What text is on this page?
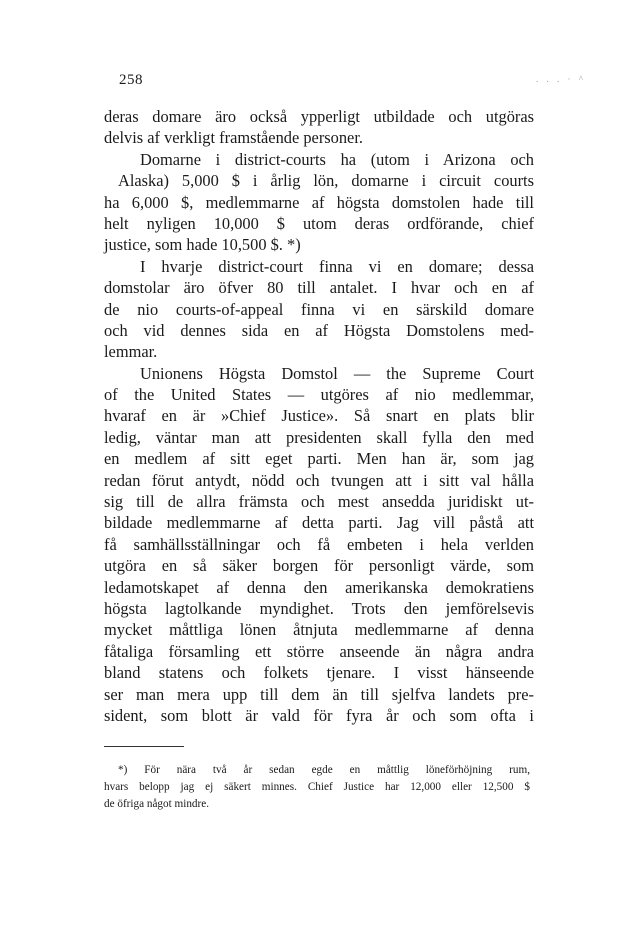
258	. . . · ^
deras domare äro också ypperligt utbildade och utgöras
delvis af verkligt framstående personer.
Domarne i district-courts ha (utom i Arizona och
Alaska) 5,000 $ i årlig lön, domarne i circuit courts
ha 6,000 $, medlemmarne af högsta domstolen hade till
helt nyligen 10,000 $ utom deras ordförande, chief
justice, som hade 10,500 $. *)
I hvarje district-court finna vi en domare; dessa
domstolar äro öfver 80 till antalet. I hvar och en af
de nio courts-of-appeal finna vi en särskild domare
och vid dennes sida en af Högsta Domstolens med-
lemmar.
Unionens Högsta Domstol — the Supreme Court
of the United States — utgöres af nio medlemmar,
hvaraf en är »Chief Justice». Så snart en plats blir
ledig, väntar man att presidenten skall fylla den med
en medlem af sitt eget parti. Men han är, som jag
redan förut antydt, nödd och tvungen att i sitt val hålla
sig till de allra främsta och mest ansedda juridiskt ut-
bildade medlemmarne af detta parti. Jag vill påstå att
få samhällsställningar och få embeten i hela verlden
utgöra en så säker borgen för personligt värde, som
ledamotskapet af denna den amerikanska demokratiens
högsta lagtolkande myndighet. Trots den jemförelsevis
mycket måttliga lönen åtnjuta medlemmarne af denna
fåtaliga församling ett större anseende än några andra
bland statens och folkets tjenare. I visst hänseende
ser man mera upp till dem än till sjelfva landets pre-
sident, som blott är vald för fyra år och som ofta i
*) För nära två år sedan egde en måttlig löneförhöjning rum,
hvars belopp jag ej säkert minnes. Chief Justice har 12,000 eller 12,500 $
de öfriga något mindre.
